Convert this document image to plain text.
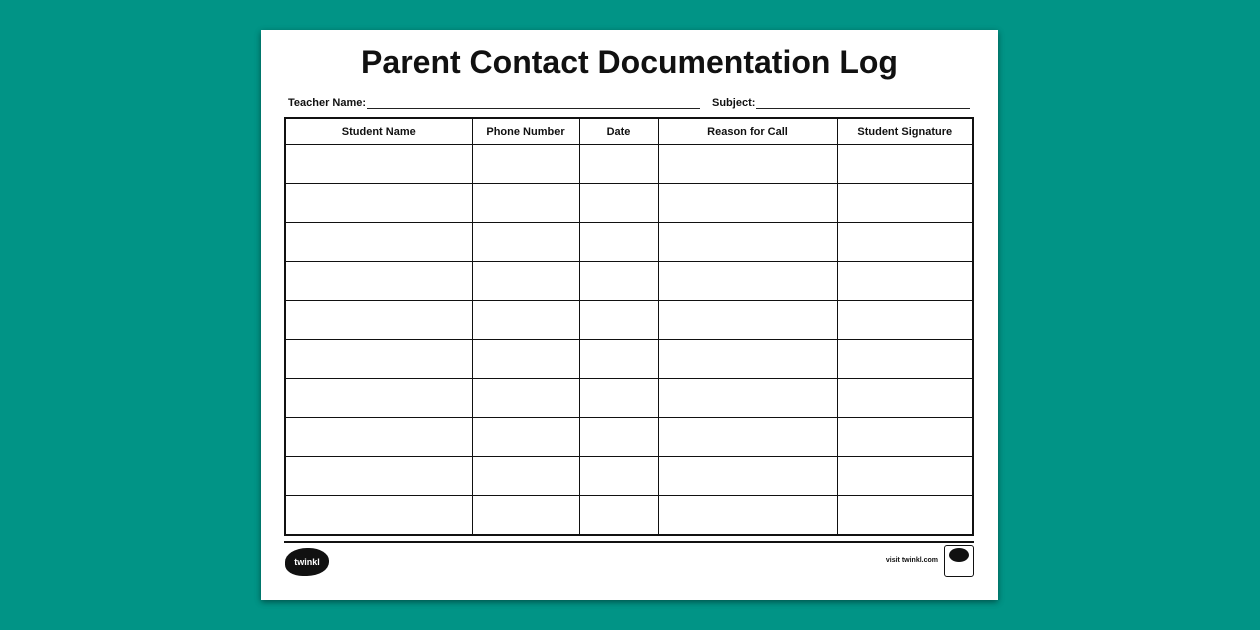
Parent Contact Documentation Log
Teacher Name:	Subject:
Student Name	Phone Number	Date	Reason for Call	Student Signature

twinkl	visit twinkl.com
